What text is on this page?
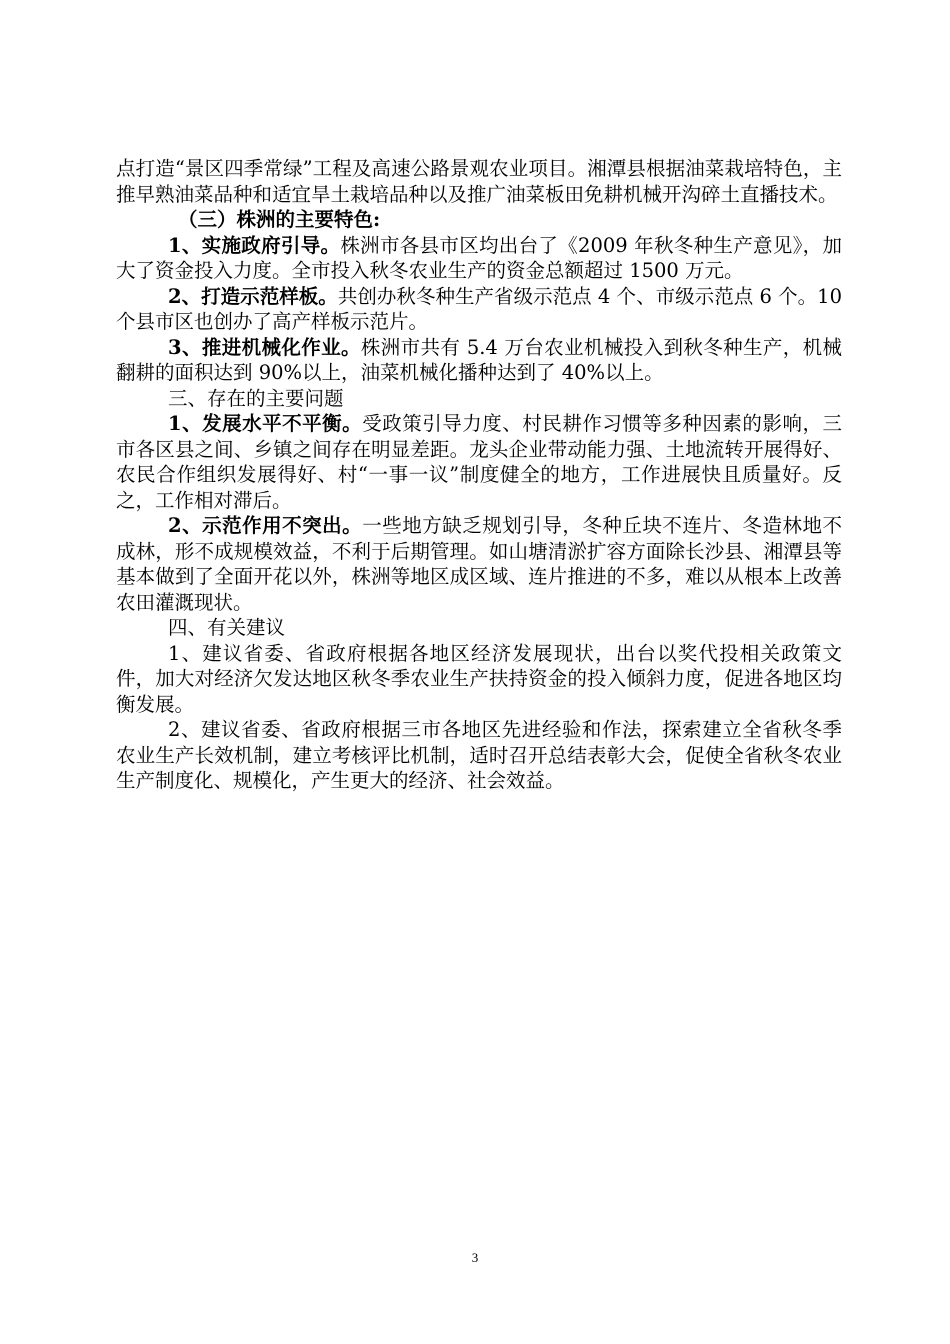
点打造“景区四季常绿”工程及高速公路景观农业项目。湘潭县根据油菜栽培特色，主推早熟油菜品种和适宜旱土栽培品种以及推广油菜板田免耕机械开沟碎土直播技术。

（三）株洲的主要特色:

1、实施政府引导。株洲市各县市区均出台了《2009 年秋冬种生产意见》，加大了资金投入力度。全市投入秋冬农业生产的资金总额超过 1500 万元。

2、打造示范样板。共创办秋冬种生产省级示范点 4 个、市级示范点 6 个。10 个县市区也创办了高产样板示范片。

3、推进机械化作业。株洲市共有 5.4 万台农业机械投入到秋冬种生产，机械翻耕的面积达到 90%以上，油菜机械化播种达到了 40%以上。

三、存在的主要问题

1、发展水平不平衡。受政策引导力度、村民耕作习惯等多种因素的影响，三市各区县之间、乡镇之间存在明显差距。龙头企业带动能力强、土地流转开展得好、农民合作组织发展得好、村“一事一议”制度健全的地方，工作进展快且质量好。反之，工作相对滞后。

2、示范作用不突出。一些地方缺乏规划引导，冬种丘块不连片、冬造林地不成林，形不成规模效益，不利于后期管理。如山塘清淤扩容方面除长沙县、湘潭县等基本做到了全面开花以外，株洲等地区成区域、连片推进的不多，难以从根本上改善农田灌溉现状。

四、有关建议

1、建议省委、省政府根据各地区经济发展现状，出台以奖代投相关政策文件，加大对经济欠发达地区秋冬季农业生产扶持资金的投入倾斜力度，促进各地区均衡发展。

2、建议省委、省政府根据三市各地区先进经验和作法，探索建立全省秋冬季农业生产长效机制，建立考核评比机制，适时召开总结表彰大会，促使全省秋冬农业生产制度化、规模化，产生更大的经济、社会效益。

3
